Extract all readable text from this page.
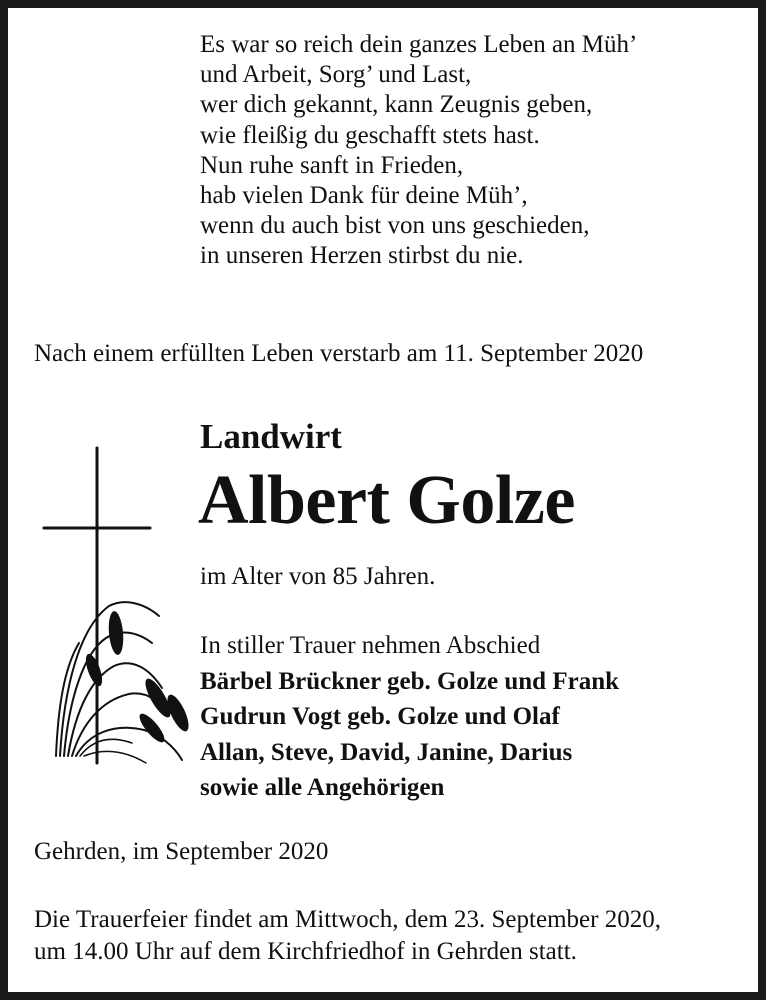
Es war so reich dein ganzes Leben an Müh’
und Arbeit, Sorg’ und Last,
wer dich gekannt, kann Zeugnis geben,
wie fleißig du geschafft stets hast.
Nun ruhe sanft in Frieden,
hab vielen Dank für deine Müh’,
wenn du auch bist von uns geschieden,
in unseren Herzen stirbst du nie.
Nach einem erfüllten Leben verstarb am 11. September 2020
Landwirt
Albert Golze
im Alter von 85 Jahren.
In stiller Trauer nehmen Abschied
Bärbel Brückner geb. Golze und Frank
Gudrun Vogt geb. Golze und Olaf
Allan, Steve, David, Janine, Darius
sowie alle Angehörigen
Gehrden, im September 2020
Die Trauerfeier findet am Mittwoch, dem 23. September 2020,
um 14.00 Uhr auf dem Kirchfriedhof in Gehrden statt.
